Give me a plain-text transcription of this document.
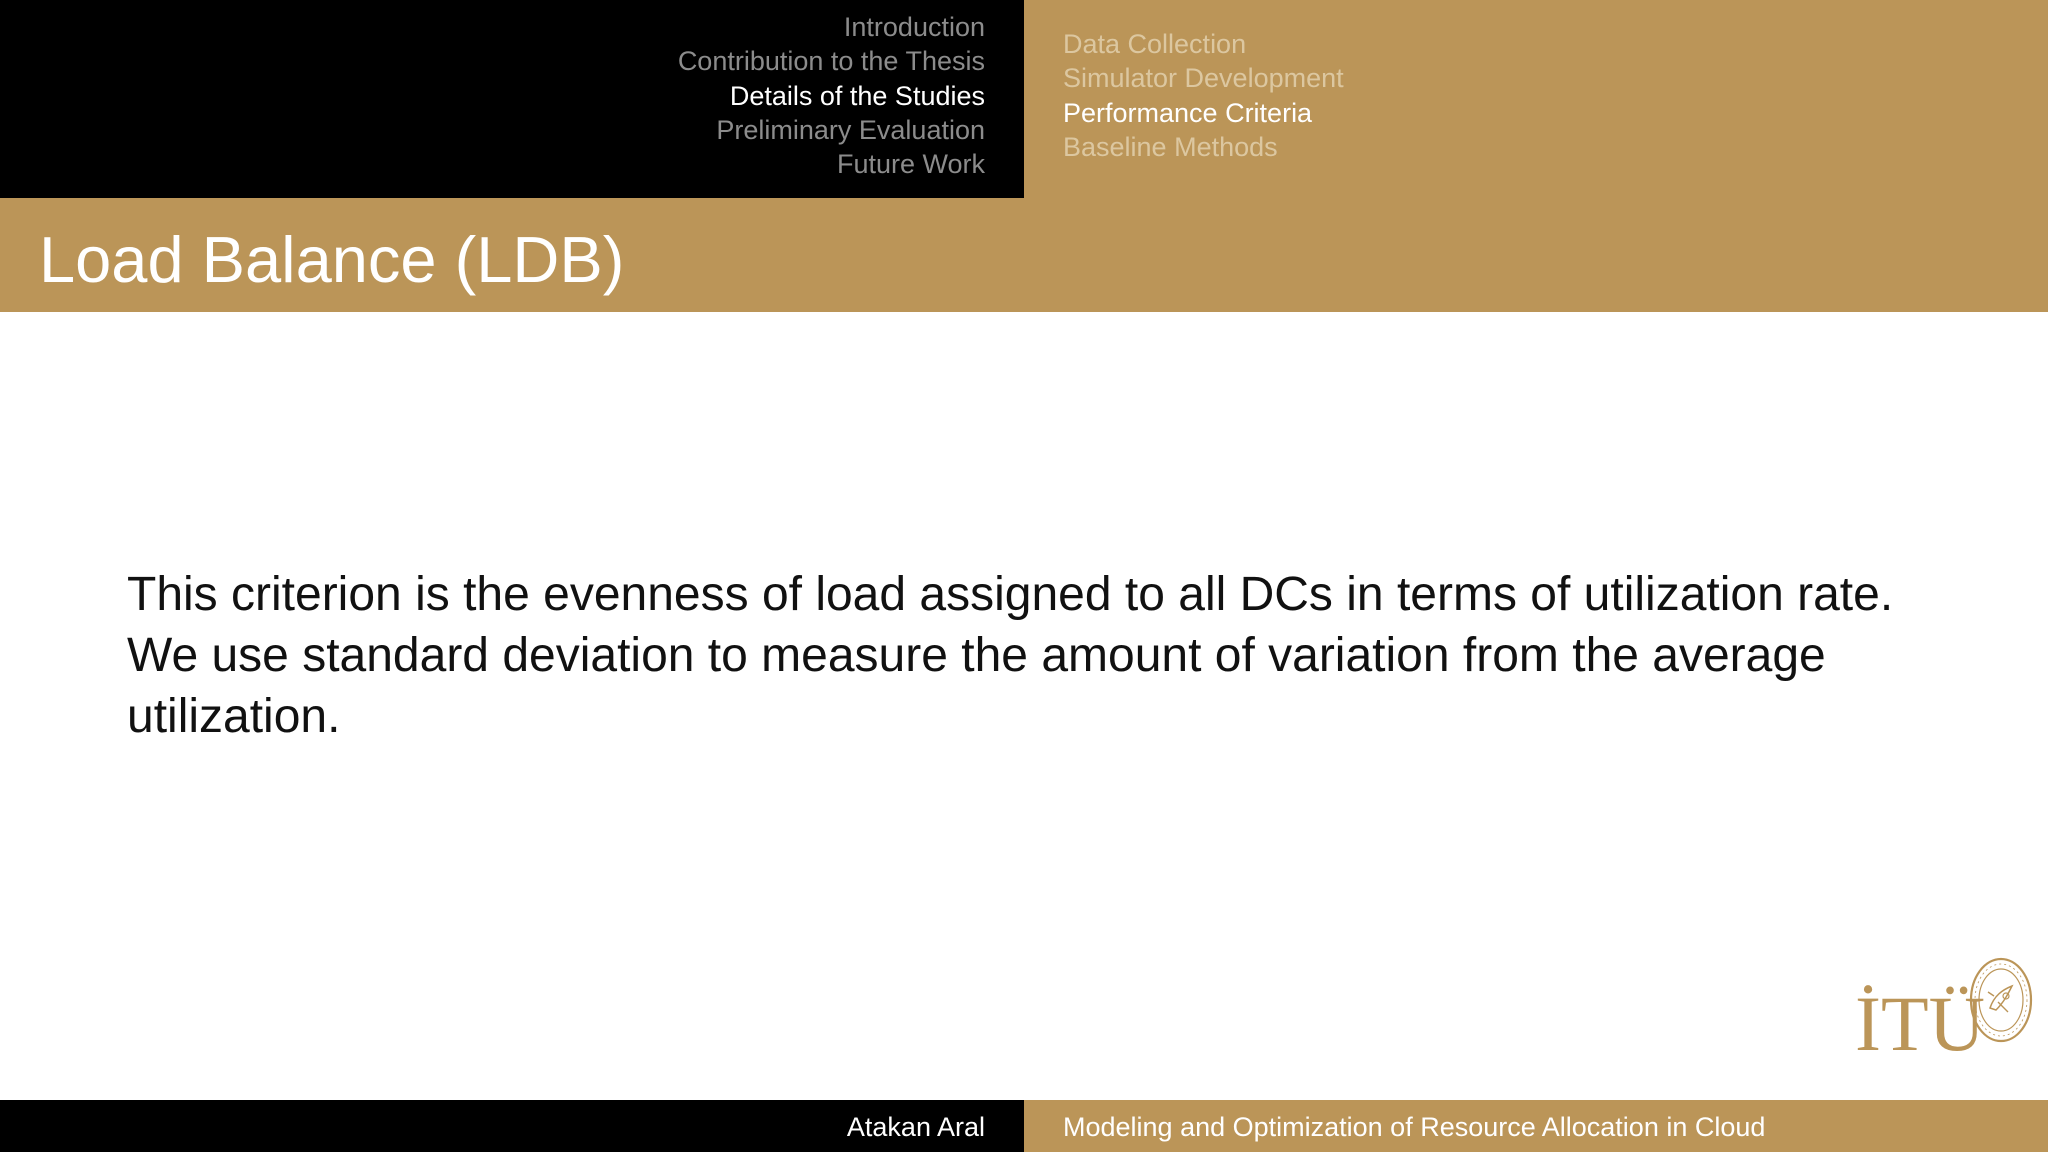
Introduction
Contribution to the Thesis
Details of the Studies
Preliminary Evaluation
Future Work
Data Collection
Simulator Development
Performance Criteria
Baseline Methods
Load Balance (LDB)

This criterion is the evenness of load assigned to all DCs in terms of utilization rate. We use standard deviation to measure the amount of variation from the average utilization.

İTÜ
Atakan Aral	Modeling and Optimization of Resource Allocation in Cloud
